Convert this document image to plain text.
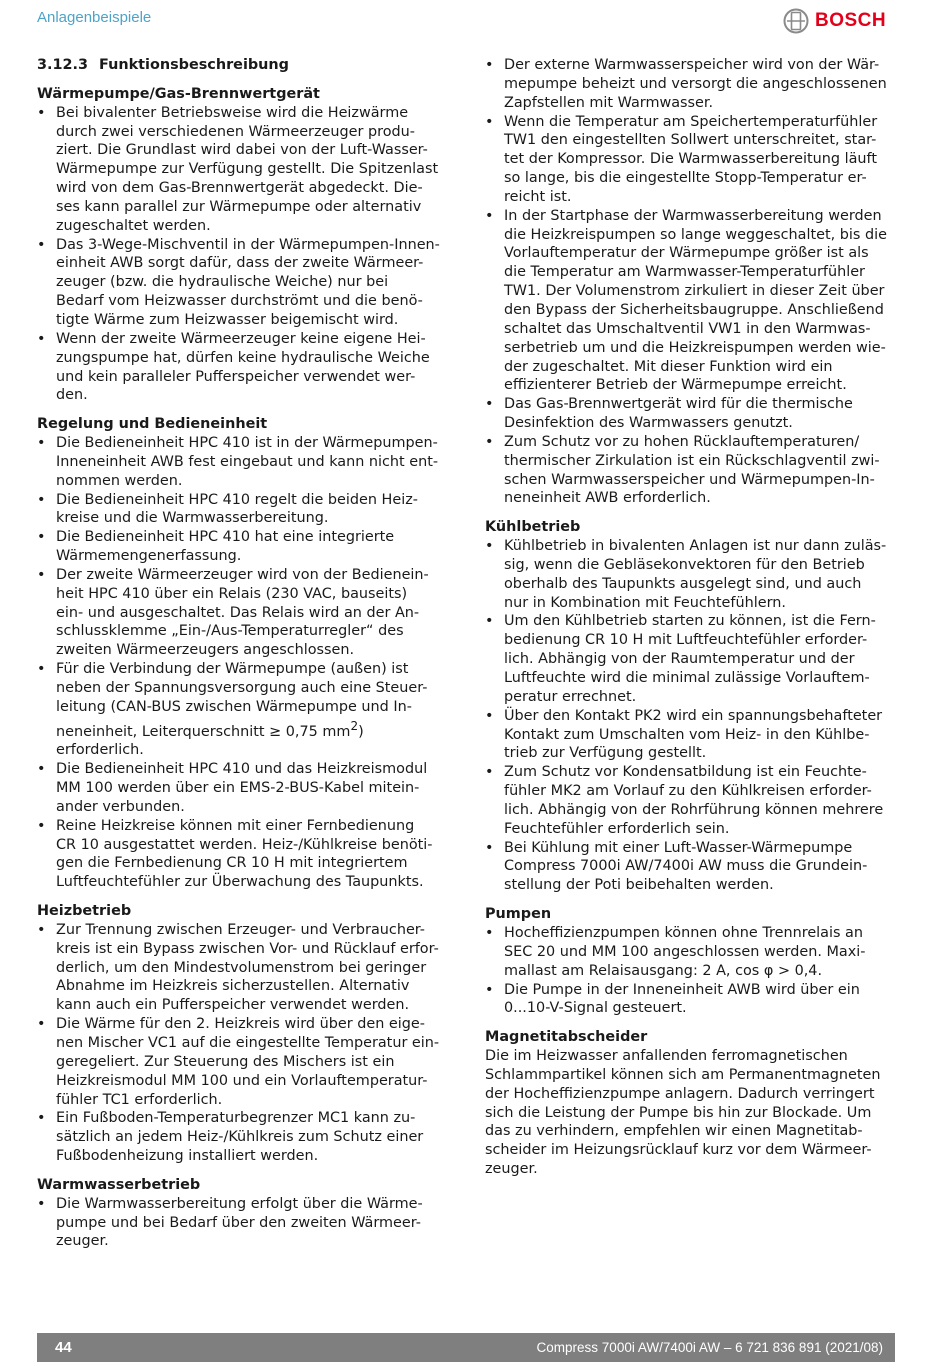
Anlagenbeispiele	BOSCH
3.12.3 Funktionsbeschreibung
Wärmepumpe/Gas-Brennwertgerät
• Bei bivalenter Betriebsweise wird die Heizwärme
durch zwei verschiedenen Wärmeerzeuger produ-
ziert. Die Grundlast wird dabei von der Luft-Wasser-
Wärmepumpe zur Verfügung gestellt. Die Spitzenlast
wird von dem Gas-Brennwertgerät abgedeckt. Die-
ses kann parallel zur Wärmepumpe oder alternativ
zugeschaltet werden.
• Das 3-Wege-Mischventil in der Wärmepumpen-Innen-
einheit AWB sorgt dafür, dass der zweite Wärmeer-
zeuger (bzw. die hydraulische Weiche) nur bei
Bedarf vom Heizwasser durchströmt und die benö-
tigte Wärme zum Heizwasser beigemischt wird.
• Wenn der zweite Wärmeerzeuger keine eigene Hei-
zungspumpe hat, dürfen keine hydraulische Weiche
und kein paralleler Pufferspeicher verwendet wer-
den.
Regelung und Bedieneinheit
• Die Bedieneinheit HPC 410 ist in der Wärmepumpen-
Inneneinheit AWB fest eingebaut und kann nicht ent-
nommen werden.
• Die Bedieneinheit HPC 410 regelt die beiden Heiz-
kreise und die Warmwasserbereitung.
• Die Bedieneinheit HPC 410 hat eine integrierte
Wärmemengenerfassung.
• Der zweite Wärmeerzeuger wird von der Bedienein-
heit HPC 410 über ein Relais (230 VAC, bauseits)
ein- und ausgeschaltet. Das Relais wird an der An-
schlussklemme „Ein-/Aus-Temperaturregler“ des
zweiten Wärmeerzeugers angeschlossen.
• Für die Verbindung der Wärmepumpe (außen) ist
neben der Spannungsversorgung auch eine Steuer-
leitung (CAN-BUS zwischen Wärmepumpe und In-
neneinheit, Leiterquerschnitt ≥ 0,75 $mm^2$)
erforderlich.
• Die Bedieneinheit HPC 410 und das Heizkreismodul
MM 100 werden über ein EMS-2-BUS-Kabel mitein-
ander verbunden.
• Reine Heizkreise können mit einer Fernbedienung
CR 10 ausgestattet werden. Heiz-/Kühlkreise benöti-
gen die Fernbedienung CR 10 H mit integriertem
Luftfeuchtefühler zur Überwachung des Taupunkts.
Heizbetrieb
• Zur Trennung zwischen Erzeuger- und Verbraucher-
kreis ist ein Bypass zwischen Vor- und Rücklauf erfor-
derlich, um den Mindestvolumenstrom bei geringer
Abnahme im Heizkreis sicherzustellen. Alternativ
kann auch ein Pufferspeicher verwendet werden.
• Die Wärme für den 2. Heizkreis wird über den eige-
nen Mischer VC1 auf die eingestellte Temperatur ein-
geregeliert. Zur Steuerung des Mischers ist ein
Heizkreismodul MM 100 und ein Vorlauftemperatur-
fühler TC1 erforderlich.
• Ein Fußboden-Temperaturbegrenzer MC1 kann zu-
sätzlich an jedem Heiz-/Kühlkreis zum Schutz einer
Fußbodenheizung installiert werden.
Warmwasserbetrieb
• Die Warmwasserbereitung erfolgt über die Wärme-
pumpe und bei Bedarf über den zweiten Wärmeer-
zeuger.
• Der externe Warmwasserspeicher wird von der Wär-
mepumpe beheizt und versorgt die angeschlossenen
Zapfstellen mit Warmwasser.
• Wenn die Temperatur am Speichertemperaturfühler
TW1 den eingestellten Sollwert unterschreitet, star-
tet der Kompressor. Die Warmwasserbereitung läuft
so lange, bis die eingestellte Stopp-Temperatur er-
reicht ist.
• In der Startphase der Warmwasserbereitung werden
die Heizkreispumpen so lange weggeschaltet, bis die
Vorlauftemperatur der Wärmepumpe größer ist als
die Temperatur am Warmwasser-Temperaturfühler
TW1. Der Volumenstrom zirkuliert in dieser Zeit über
den Bypass der Sicherheitsbaugruppe. Anschließend
schaltet das Umschaltventil VW1 in den Warmwas-
serbetrieb um und die Heizkreispumpen werden wie-
der zugeschaltet. Mit dieser Funktion wird ein
effizienterer Betrieb der Wärmepumpe erreicht.
• Das Gas-Brennwertgerät wird für die thermische
Desinfektion des Warmwassers genutzt.
• Zum Schutz vor zu hohen Rücklauftemperaturen/
thermischer Zirkulation ist ein Rückschlagventil zwi-
schen Warmwasserspeicher und Wärmepumpen-In-
neneinheit AWB erforderlich.
Kühlbetrieb
• Kühlbetrieb in bivalenten Anlagen ist nur dann zuläs-
sig, wenn die Gebläsekonvektoren für den Betrieb
oberhalb des Taupunkts ausgelegt sind, und auch
nur in Kombination mit Feuchtefühlern.
• Um den Kühlbetrieb starten zu können, ist die Fern-
bedienung CR 10 H mit Luftfeuchtefühler erforder-
lich. Abhängig von der Raumtemperatur und der
Luftfeuchte wird die minimal zulässige Vorlauftem-
peratur errechnet.
• Über den Kontakt PK2 wird ein spannungsbehafteter
Kontakt zum Umschalten vom Heiz- in den Kühlbe-
trieb zur Verfügung gestellt.
• Zum Schutz vor Kondensatbildung ist ein Feuchte-
fühler MK2 am Vorlauf zu den Kühlkreisen erforder-
lich. Abhängig von der Rohrführung können mehrere
Feuchtefühler erforderlich sein.
• Bei Kühlung mit einer Luft-Wasser-Wärmepumpe
Compress 7000i AW/7400i AW muss die Grundein-
stellung der Poti beibehalten werden.
Pumpen
• Hocheffizienzpumpen können ohne Trennrelais an
SEC 20 und MM 100 angeschlossen werden. Maxi-
mallast am Relaisausgang: 2 A, cos φ > 0,4.
• Die Pumpe in der Inneneinheit AWB wird über ein
0...10-V-Signal gesteuert.
Magnetitabscheider

Die im Heizwasser anfallenden ferromagnetischen
Schlammpartikel können sich am Permanentmagneten
der Hocheffizienzpumpe anlagern. Dadurch verringert
sich die Leistung der Pumpe bis hin zur Blockade. Um
das zu verhindern, empfehlen wir einen Magnetitab-
scheider im Heizungsrücklauf kurz vor dem Wärmeer-
zeuger.

44	Compress 7000i AW/7400i AW – 6 721 836 891 (2021/08)
